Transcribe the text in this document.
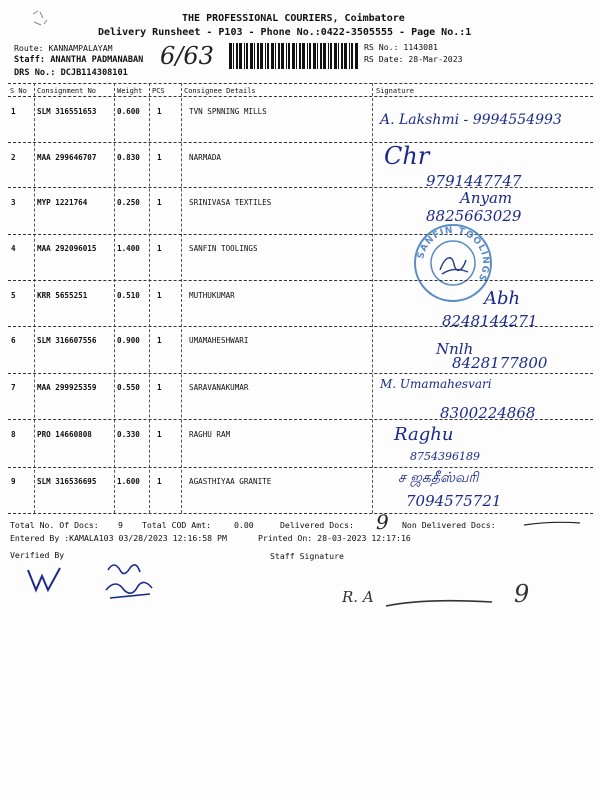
THE PROFESSIONAL COURIERS, Coimbatore
Delivery Runsheet - P103 - Phone No.:0422-3505555 - Page No.:1
Route: KANNAMPALAYAM
Staff: ANANTHA PADMANABAN
DRS No.: DCJB114308101
6/63	RS No.: 1143081
RS Date: 28-Mar-2023
S No Consignment No	Weight PCS	Consignee Details	Signature
1	SLM 316551653	0.600 1	TVN SPNNING MILLS
A. Lakshmi - 9994554993
2	MAA 299646707	0.830 1	NARMADA	Chr
9791447747
3	MYP 1221764	0.250 1	SRINIVASA TEXTILES	Anyam
8825663029
4	MAA 292096015	1.400 1	SANFIN TOOLINGS
SANFIN TOOLINGS
5	KRR 5655251	0.510 1	MUTHUKUMAR	Abh
8248144271
6	SLM 316607556	0.900 1	UMAMAHESHWARI	Nnlh
8428177800
7	MAA 299925359	0.550 1	SARAVANAKUMAR	M. Umamahesvari
8300224868
8	PRO 14660808	0.330 1	RAGHU RAM	Raghu
8754396189
9	SLM 316536695	1.600 1	AGASTHIYAA GRANITE	ச ஜகதீஸ்வரி
7094575721
Total No. Of Docs: 9 Total COD Amt:	0.00	Delivered Docs: 9 Non Delivered Docs:
Entered By :KAMALA103 03/28/2023 12:16:58 PM	Printed On: 28-03-2023 12:17:16
Verified By	Staff Signature
R. A	9
